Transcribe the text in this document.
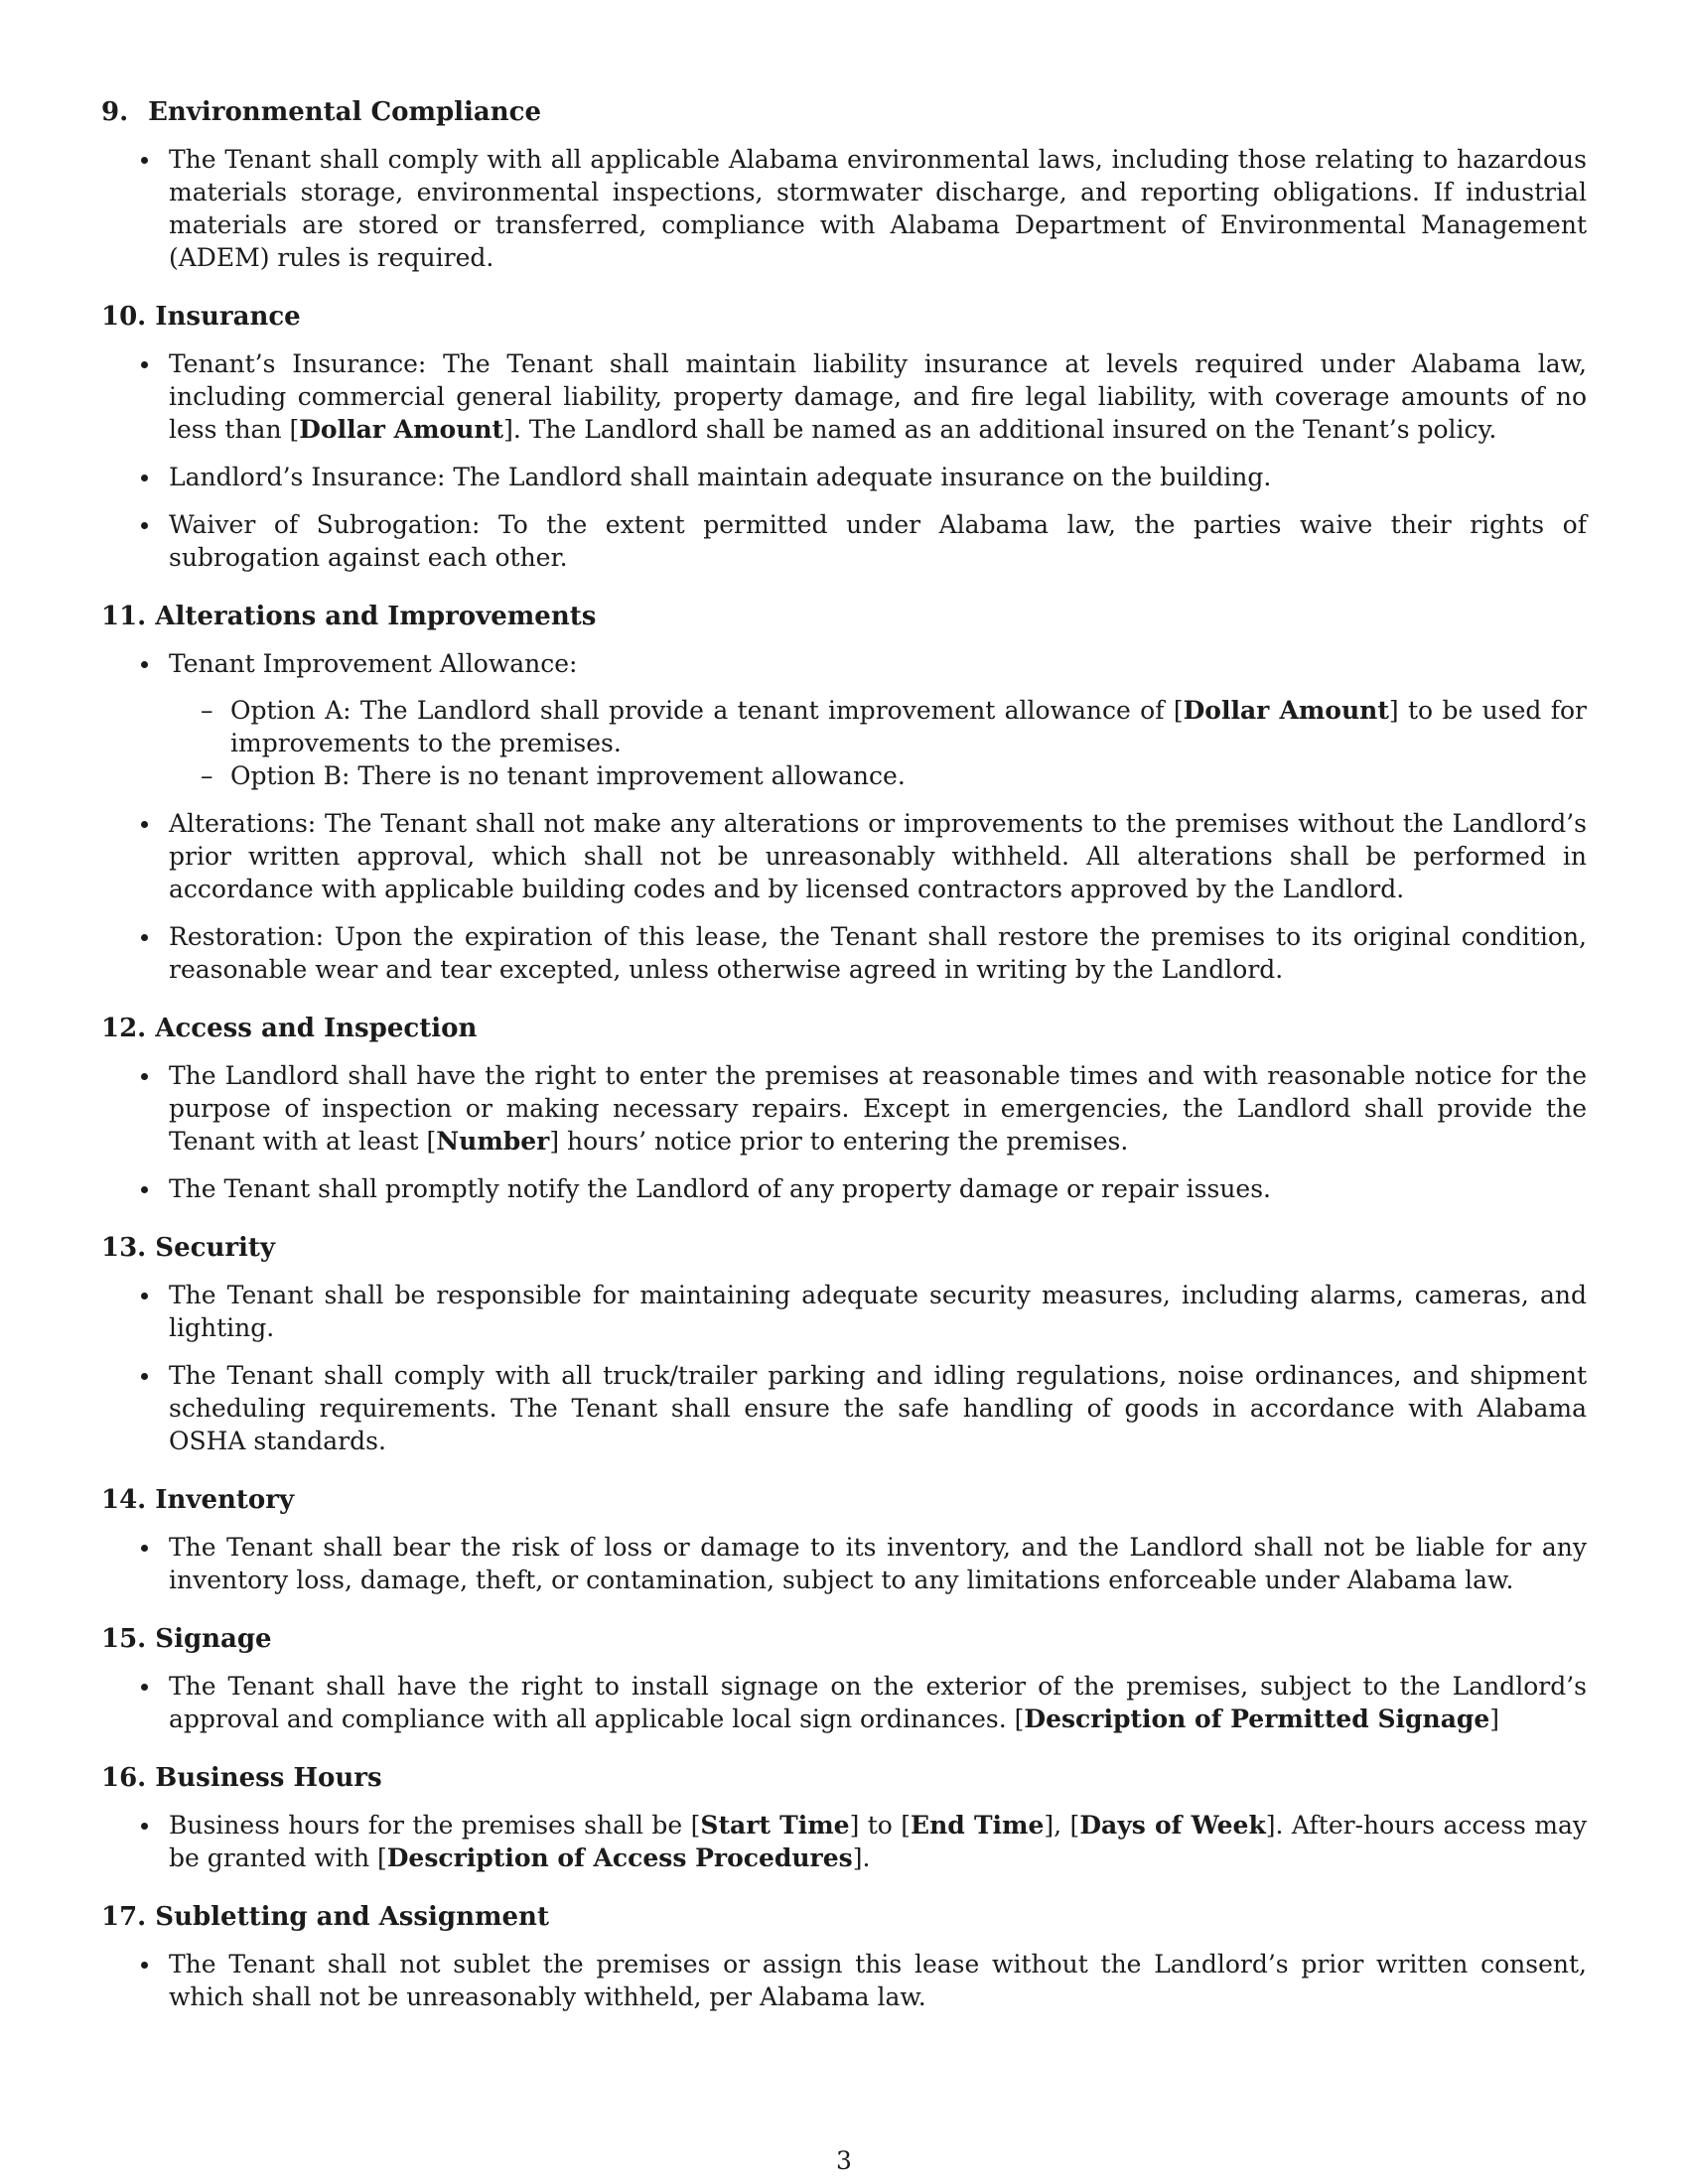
9. Environmental Compliance
The Tenant shall comply with all applicable Alabama environmental laws, including those relating to hazardous materials storage, environmental inspections, stormwater discharge, and reporting obligations. If industrial materials are stored or transferred, compliance with Alabama Department of Environmental Management (ADEM) rules is required.
10. Insurance
Tenant’s Insurance: The Tenant shall maintain liability insurance at levels required under Alabama law, including commercial general liability, property damage, and fire legal liability, with coverage amounts of no less than [Dollar Amount]. The Landlord shall be named as an additional insured on the Tenant’s policy.
Landlord’s Insurance: The Landlord shall maintain adequate insurance on the building.
Waiver of Subrogation: To the extent permitted under Alabama law, the parties waive their rights of subrogation against each other.
11. Alterations and Improvements
Tenant Improvement Allowance:
– Option A: The Landlord shall provide a tenant improvement allowance of [Dollar Amount] to be used for improvements to the premises.
– Option B: There is no tenant improvement allowance.
Alterations: The Tenant shall not make any alterations or improvements to the premises without the Landlord’s prior written approval, which shall not be unreasonably withheld. All alterations shall be performed in accordance with applicable building codes and by licensed contractors approved by the Landlord.
Restoration: Upon the expiration of this lease, the Tenant shall restore the premises to its original condition, reasonable wear and tear excepted, unless otherwise agreed in writing by the Landlord.
12. Access and Inspection
The Landlord shall have the right to enter the premises at reasonable times and with reasonable notice for the purpose of inspection or making necessary repairs. Except in emergencies, the Landlord shall provide the Tenant with at least [Number] hours’ notice prior to entering the premises.
The Tenant shall promptly notify the Landlord of any property damage or repair issues.
13. Security
The Tenant shall be responsible for maintaining adequate security measures, including alarms, cameras, and lighting.
The Tenant shall comply with all truck/trailer parking and idling regulations, noise ordinances, and shipment scheduling requirements. The Tenant shall ensure the safe handling of goods in accordance with Alabama OSHA standards.
14. Inventory
The Tenant shall bear the risk of loss or damage to its inventory, and the Landlord shall not be liable for any inventory loss, damage, theft, or contamination, subject to any limitations enforceable under Alabama law.
15. Signage
The Tenant shall have the right to install signage on the exterior of the premises, subject to the Landlord’s approval and compliance with all applicable local sign ordinances. [Description of Permitted Signage]
16. Business Hours
Business hours for the premises shall be [Start Time] to [End Time], [Days of Week]. After-hours access may be granted with [Description of Access Procedures].
17. Subletting and Assignment
The Tenant shall not sublet the premises or assign this lease without the Landlord’s prior written consent, which shall not be unreasonably withheld, per Alabama law.
3
